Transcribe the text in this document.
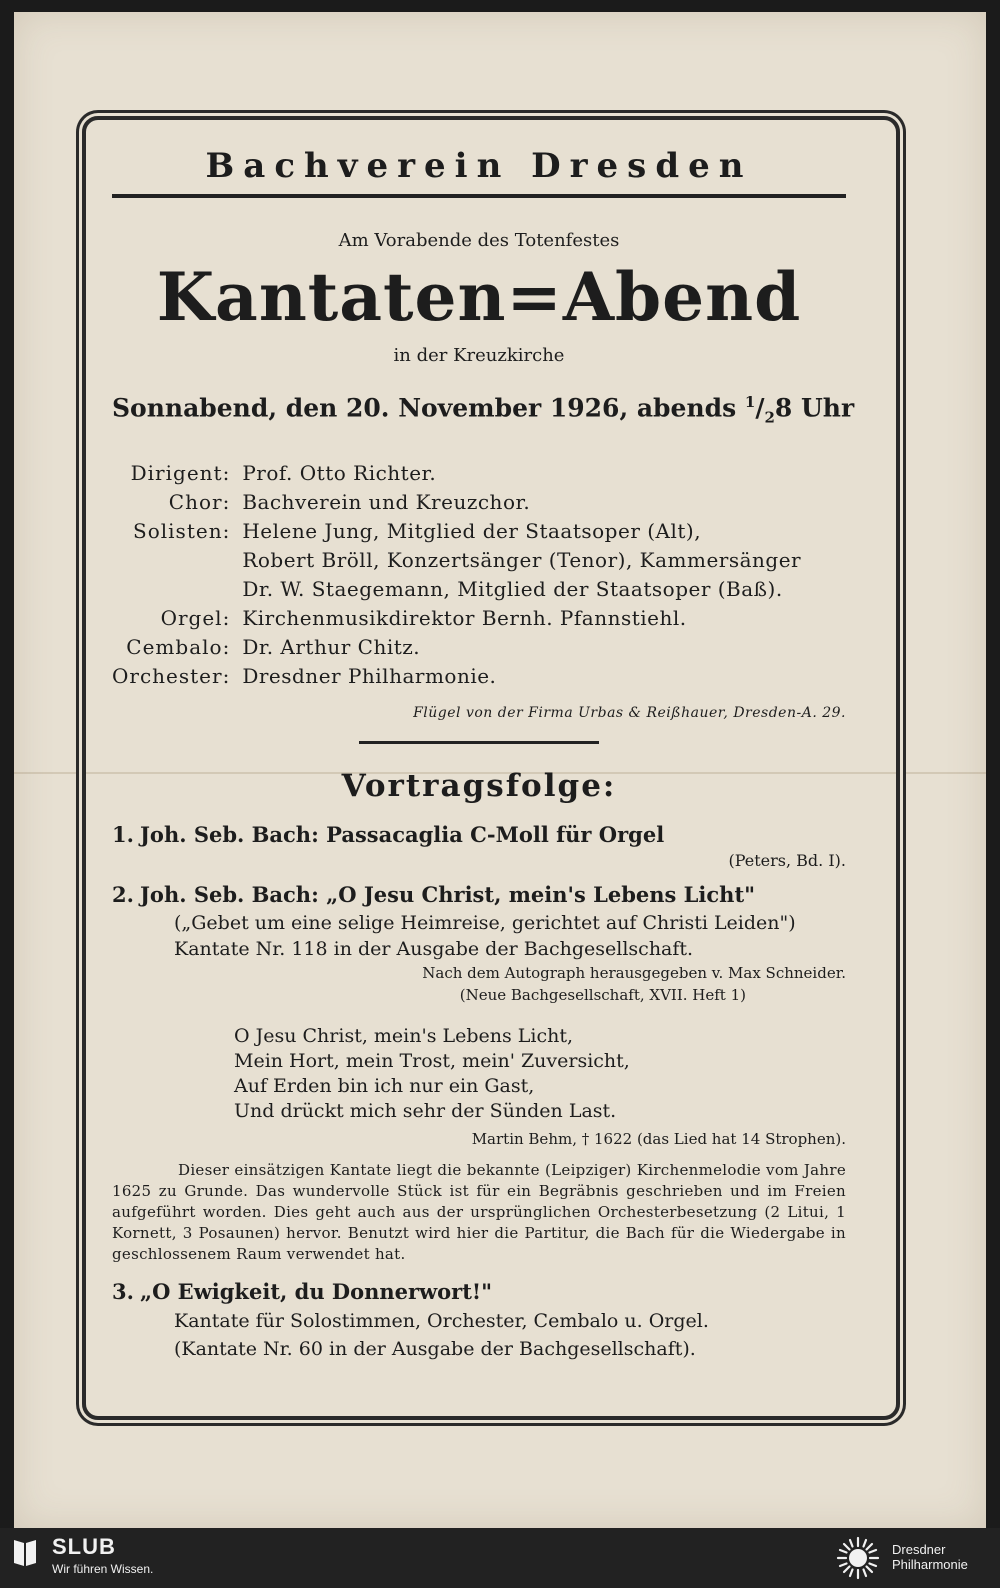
Bachverein Dresden

Am Vorabende des Totenfestes

Kantaten=Abend

in der Kreuzkirche

Sonnabend, den 20. November 1926, abends $^1/_28$ Uhr

Dirigent:	Prof. Otto Richter.
Chor:	Bachverein und Kreuzchor.
Solisten:	Helene Jung, Mitglied der Staatsoper (Alt),
Robert Bröll, Konzertsänger (Tenor), Kammersänger
Dr. W. Staegemann, Mitglied der Staatsoper (Baß).

Orgel:	Kirchenmusikdirektor Bernh. Pfannstiehl.
Cembalo:	Dr. Arthur Chitz.
Orchester:	Dresdner Philharmonie.

Flügel von der Firma Urbas & Reißhauer, Dresden-A. 29.

Vortragsfolge:

1. Joh. Seb. Bach: Passacaglia C-Moll für Orgel

(Peters, Bd. I).

2. Joh. Seb. Bach: „O Jesu Christ, mein's Lebens Licht"

(„Gebet um eine selige Heimreise, gerichtet auf Christi Leiden")

Kantate Nr. 118 in der Ausgabe der Bachgesellschaft.

Nach dem Autograph herausgegeben v. Max Schneider.

(Neue Bachgesellschaft, XVII. Heft 1)

O Jesu Christ, mein's Lebens Licht,

Mein Hort, mein Trost, mein' Zuversicht,

Auf Erden bin ich nur ein Gast,

Und drückt mich sehr der Sünden Last.

Martin Behm, † 1622 (das Lied hat 14 Strophen).

Dieser einsätzigen Kantate liegt die bekannte (Leipziger) Kirchenmelodie vom Jahre 1625 zu Grunde. Das wundervolle Stück ist für ein Begräbnis geschrieben und im Freien aufgeführt worden. Dies geht auch aus der ursprünglichen Orchesterbesetzung (2 Litui, 1 Kornett, 3 Posaunen) hervor. Benutzt wird hier die Partitur, die Bach für die Wiedergabe in geschlossenem Raum verwendet hat.

3. „O Ewigkeit, du Donnerwort!"

Kantate für Solostimmen, Orchester, Cembalo u. Orgel.

(Kantate Nr. 60 in der Ausgabe der Bachgesellschaft).

SLUB
Wir führen Wissen.
Dresdner
Philharmonie
